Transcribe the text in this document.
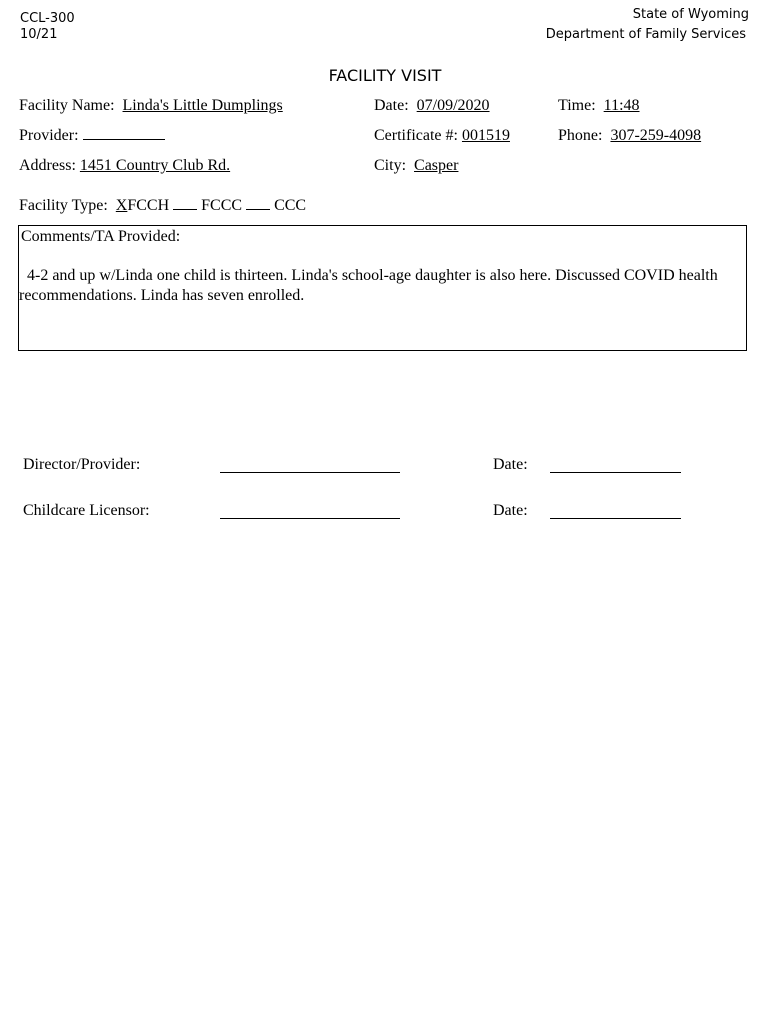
CCL-300
10/21
State of Wyoming
Department of Family Services
FACILITY VISIT
Facility Name: Linda's Little Dumplings	Date: 07/09/2020	Time: 11:48
Provider:	Certificate #: 001519	Phone: 307-259-4098
Address: 1451 Country Club Rd.	City: Casper
Facility Type: XFCCH FCCC CCC
Comments/TA Provided:
4-2 and up w/Linda one child is thirteen. Linda's school-age daughter is also here. Discussed COVID health recommendations. Linda has seven enrolled.
Director/Provider:	Date:
Childcare Licensor:	Date:
